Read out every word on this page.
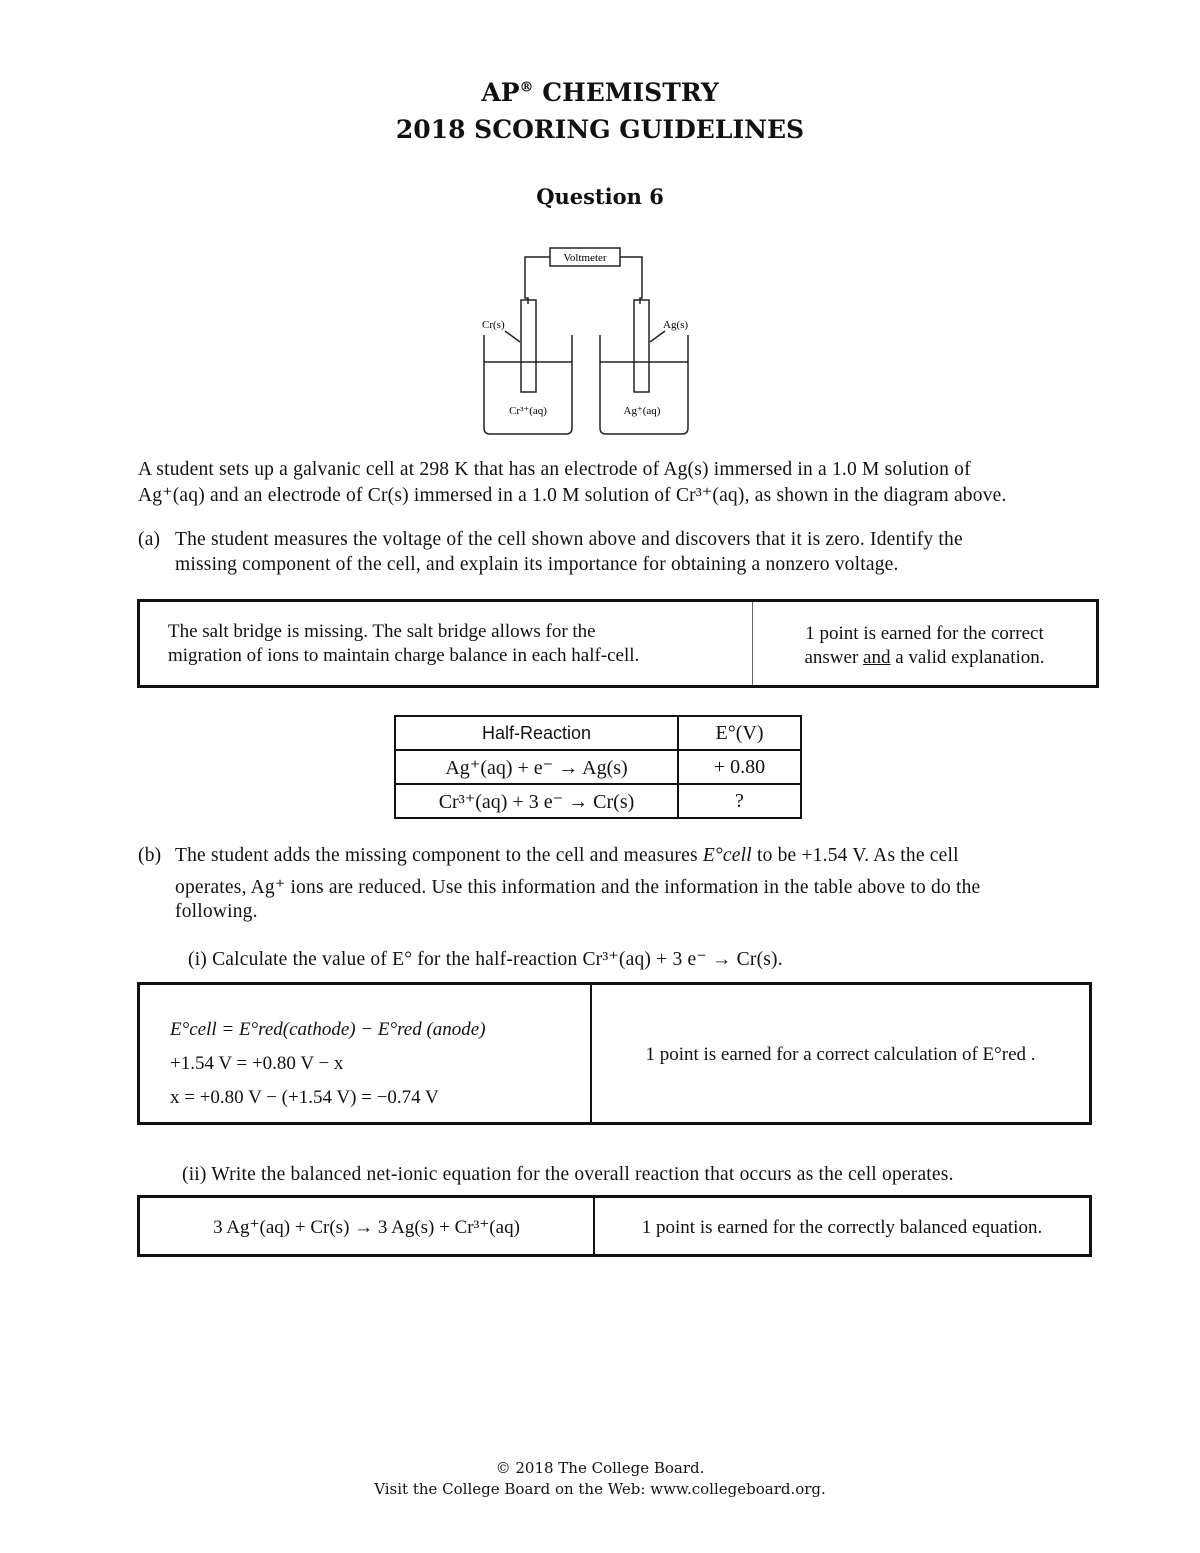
AP® CHEMISTRY
2018 SCORING GUIDELINES
Question 6
Voltmeter
Cr(s)	Ag(s)
Cr³⁺(aq)	Ag⁺(aq)
A student sets up a galvanic cell at 298 K that has an electrode of Ag(s) immersed in a 1.0 M solution of
Ag⁺(aq) and an electrode of Cr(s) immersed in a 1.0 M solution of Cr³⁺(aq), as shown in the diagram above.
(a) The student measures the voltage of the cell shown above and discovers that it is zero. Identify the
missing component of the cell, and explain its importance for obtaining a nonzero voltage.
The salt bridge is missing. The salt bridge allows for the
migration of ions to maintain charge balance in each half-cell.
1 point is earned for the correct
answer and a valid explanation.
Half-Reaction	E°(V)
Ag⁺(aq) + e⁻ → Ag(s)	+ 0.80
Cr³⁺(aq) + 3 e⁻ → Cr(s)	?
(b) The student adds the missing component to the cell and measures E°cell to be +1.54 V. As the cell
operates, Ag⁺ ions are reduced. Use this information and the information in the table above to do the
following.
(i) Calculate the value of E° for the half-reaction Cr³⁺(aq) + 3 e⁻ → Cr(s).
E°cell = E°red(cathode) − E°red (anode)
+1.54 V = +0.80 V − x
x = +0.80 V − (+1.54 V) = −0.74 V
1 point is earned for a correct calculation of E°red .
(ii) Write the balanced net-ionic equation for the overall reaction that occurs as the cell operates.
3 Ag⁺(aq) + Cr(s) → 3 Ag(s) + Cr³⁺(aq)	1 point is earned for the correctly balanced equation.
© 2018 The College Board.
Visit the College Board on the Web: www.collegeboard.org.
